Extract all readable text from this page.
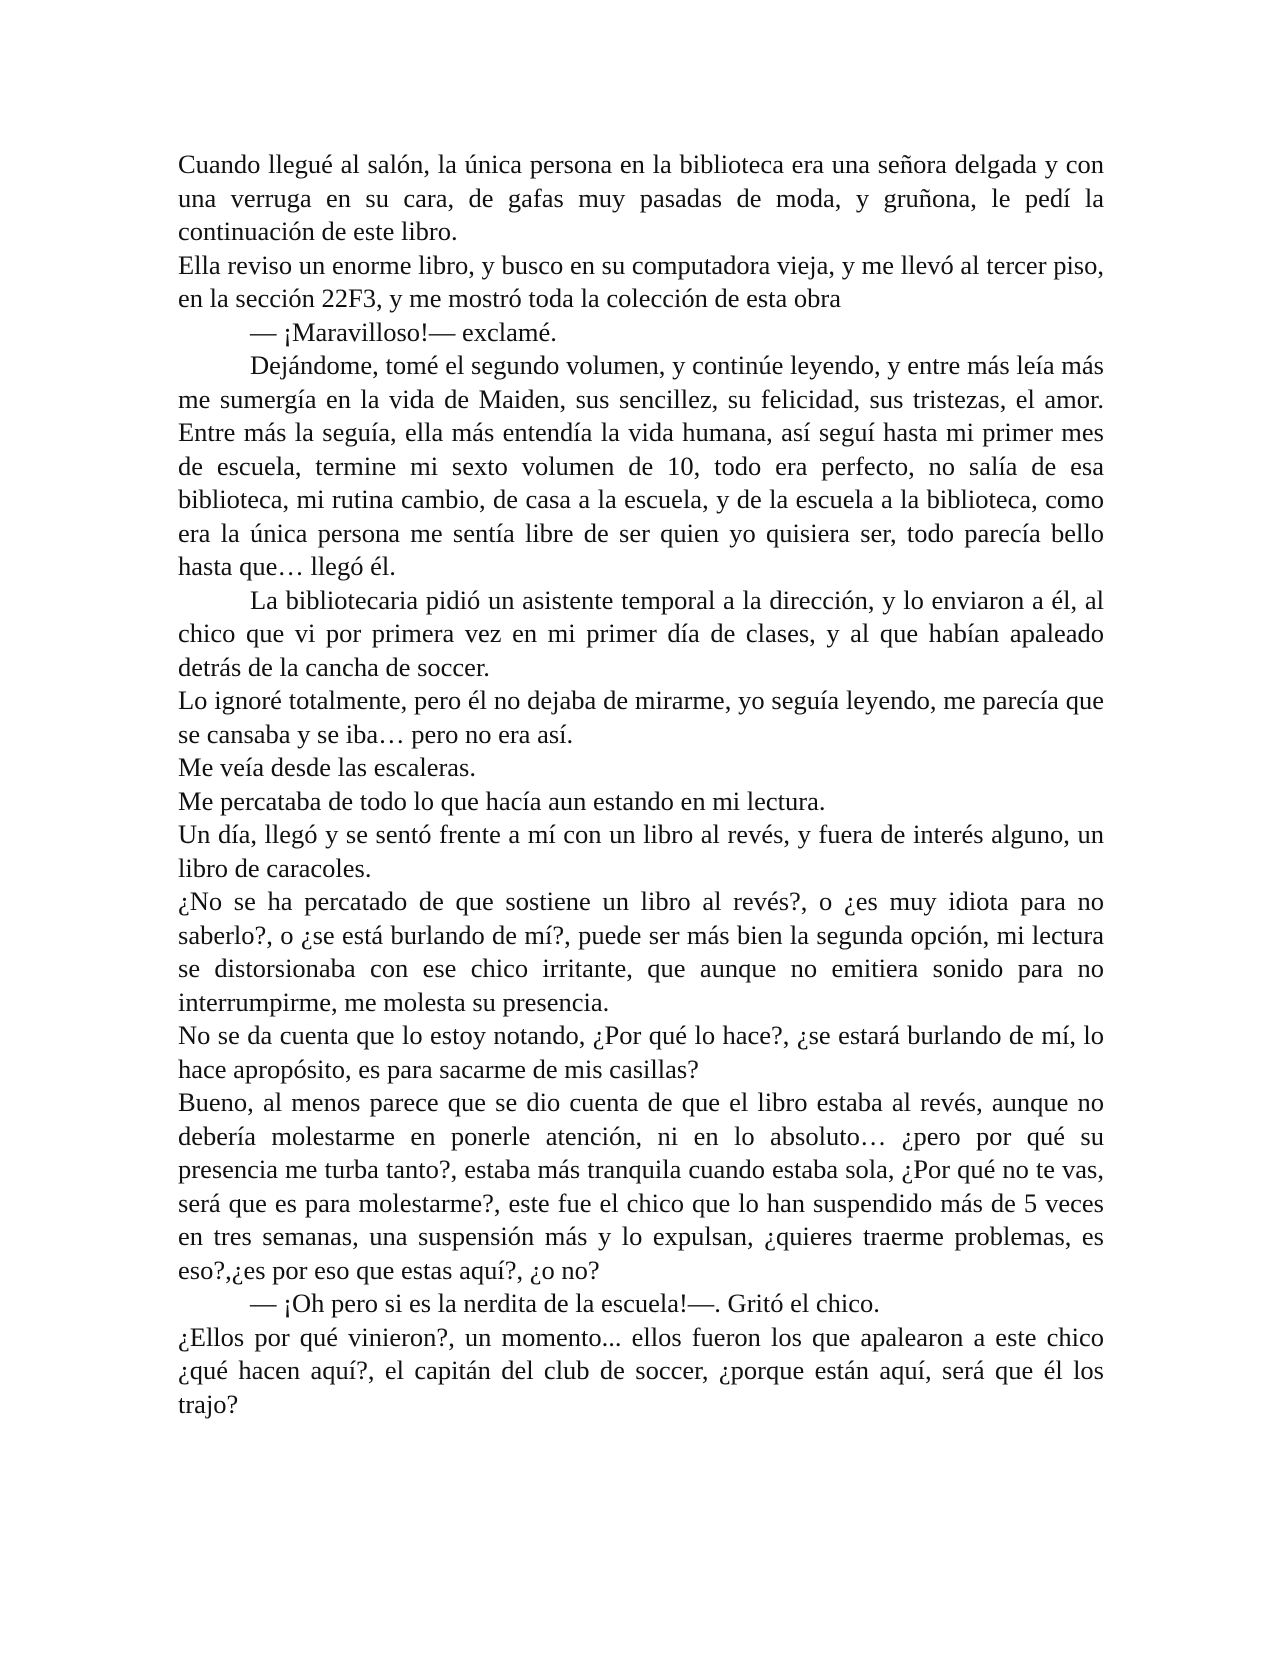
Cuando llegué al salón, la única persona en la biblioteca era una señora delgada y con una verruga en su cara, de gafas muy pasadas de moda, y gruñona, le pedí la continuación de este libro.

Ella reviso un enorme libro, y busco en su computadora vieja, y me llevó al tercer piso, en la sección 22F3, y me mostró toda la colección de esta obra

— ¡Maravilloso!— exclamé.

Dejándome, tomé el segundo volumen, y continúe leyendo, y entre más leía más me sumergía en la vida de Maiden, sus sencillez, su felicidad, sus tristezas, el amor. Entre más la seguía, ella más entendía la vida humana, así seguí hasta mi primer mes de escuela, termine mi sexto volumen de 10, todo era perfecto, no salía de esa biblioteca, mi rutina cambio, de casa a la escuela, y de la escuela a la biblioteca, como era la única persona me sentía libre de ser quien yo quisiera ser, todo parecía bello hasta que… llegó él.

La bibliotecaria pidió un asistente temporal a la dirección, y lo enviaron a él, al chico que vi por primera vez en mi primer día de clases, y al que habían apaleado detrás de la cancha de soccer.

Lo ignoré totalmente, pero él no dejaba de mirarme, yo seguía leyendo, me parecía que se cansaba y se iba… pero no era así.

Me veía desde las escaleras.

Me percataba de todo lo que hacía aun estando en mi lectura.

Un día, llegó y se sentó frente a mí con un libro al revés, y fuera de interés alguno, un libro de caracoles.

¿No se ha percatado de que sostiene un libro al revés?, o ¿es muy idiota para no saberlo?, o ¿se está burlando de mí?, puede ser más bien la segunda opción, mi lectura se distorsionaba con ese chico irritante, que aunque no emitiera sonido para no interrumpirme, me molesta su presencia.

No se da cuenta que lo estoy notando, ¿Por qué lo hace?, ¿se estará burlando de mí, lo hace apropósito, es para sacarme de mis casillas?

Bueno, al menos parece que se dio cuenta de que el libro estaba al revés, aunque no debería molestarme en ponerle atención, ni en lo absoluto… ¿pero por qué su presencia me turba tanto?, estaba más tranquila cuando estaba sola, ¿Por qué no te vas, será que es para molestarme?, este fue el chico que lo han suspendido más de 5 veces en tres semanas, una suspensión más y lo expulsan, ¿quieres traerme problemas, es eso?,¿es por eso que estas aquí?, ¿o no?

— ¡Oh pero si es la nerdita de la escuela!—. Gritó el chico.

¿Ellos por qué vinieron?, un momento... ellos fueron los que apalearon a este chico ¿qué hacen aquí?, el capitán del club de soccer, ¿porque están aquí, será que él los trajo?
